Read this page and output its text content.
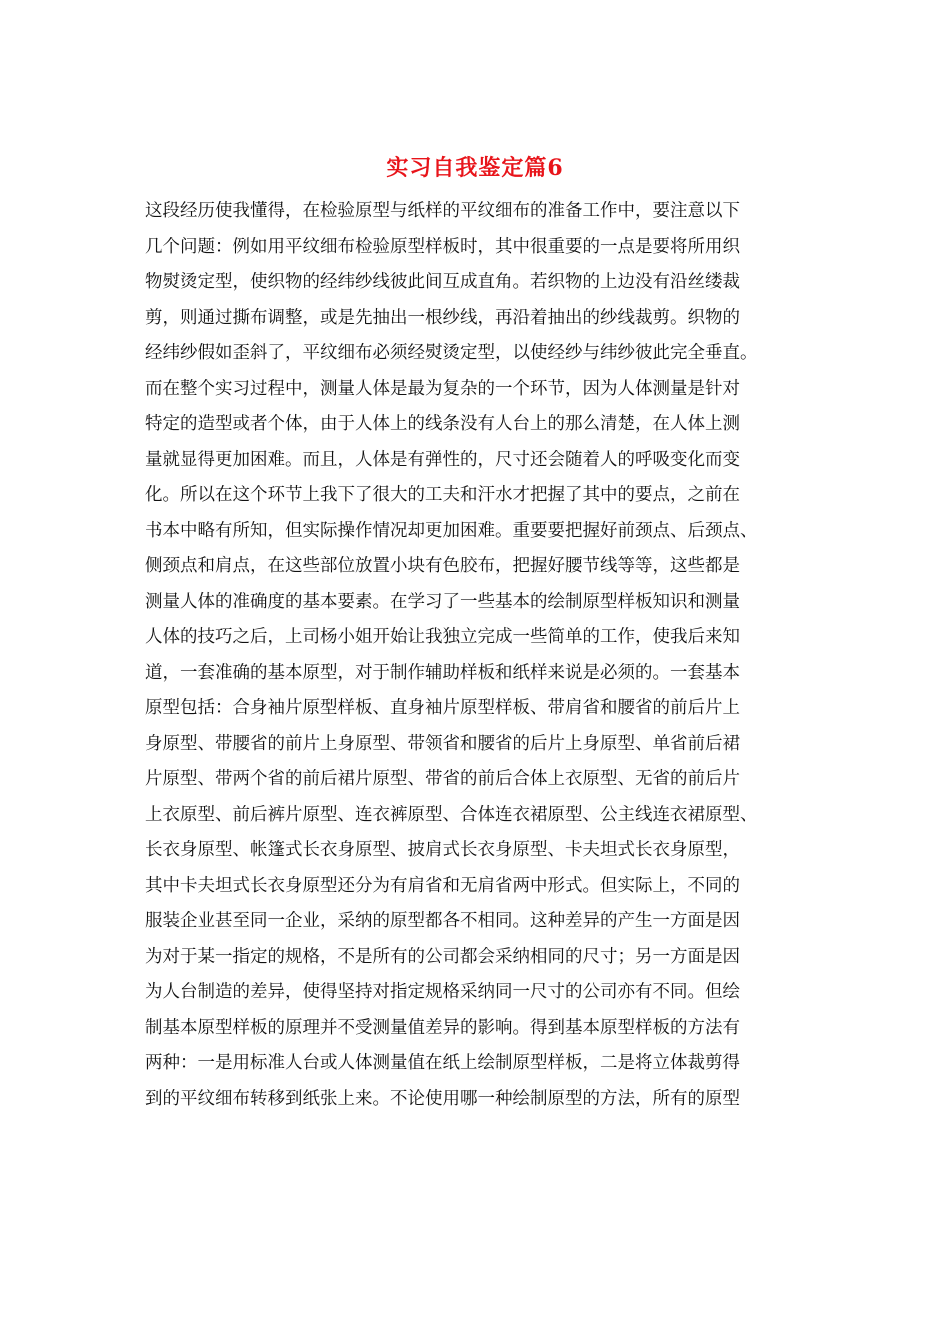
实习自我鉴定篇6
这段经历使我懂得，在检验原型与纸样的平纹细布的准备工作中，要注意以下
几个问题：例如用平纹细布检验原型样板时，其中很重要的一点是要将所用织
物熨烫定型，使织物的经纬纱线彼此间互成直角。若织物的上边没有沿丝缕裁
剪，则通过撕布调整，或是先抽出一根纱线，再沿着抽出的纱线裁剪。织物的
经纬纱假如歪斜了，平纹细布必须经熨烫定型，以使经纱与纬纱彼此完全垂直。
而在整个实习过程中，测量人体是最为复杂的一个环节，因为人体测量是针对
特定的造型或者个体，由于人体上的线条没有人台上的那么清楚，在人体上测
量就显得更加困难。而且，人体是有弹性的，尺寸还会随着人的呼吸变化而变
化。所以在这个环节上我下了很大的工夫和汗水才把握了其中的要点，之前在
书本中略有所知，但实际操作情况却更加困难。重要要把握好前颈点、后颈点、
侧颈点和肩点，在这些部位放置小块有色胶布，把握好腰节线等等，这些都是
测量人体的准确度的基本要素。在学习了一些基本的绘制原型样板知识和测量
人体的技巧之后，上司杨小姐开始让我独立完成一些简单的工作，使我后来知
道，一套准确的基本原型，对于制作辅助样板和纸样来说是必须的。一套基本
原型包括：合身袖片原型样板、直身袖片原型样板、带肩省和腰省的前后片上
身原型、带腰省的前片上身原型、带领省和腰省的后片上身原型、单省前后裙
片原型、带两个省的前后裙片原型、带省的前后合体上衣原型、无省的前后片
上衣原型、前后裤片原型、连衣裤原型、合体连衣裙原型、公主线连衣裙原型、
长衣身原型、帐篷式长衣身原型、披肩式长衣身原型、卡夫坦式长衣身原型，
其中卡夫坦式长衣身原型还分为有肩省和无肩省两中形式。但实际上，不同的
服装企业甚至同一企业，采纳的原型都各不相同。这种差异的产生一方面是因
为对于某一指定的规格，不是所有的公司都会采纳相同的尺寸；另一方面是因
为人台制造的差异，使得坚持对指定规格采纳同一尺寸的公司亦有不同。但绘
制基本原型样板的原理并不受测量值差异的影响。得到基本原型样板的方法有
两种：一是用标准人台或人体测量值在纸上绘制原型样板，二是将立体裁剪得
到的平纹细布转移到纸张上来。不论使用哪一种绘制原型的方法，所有的原型
